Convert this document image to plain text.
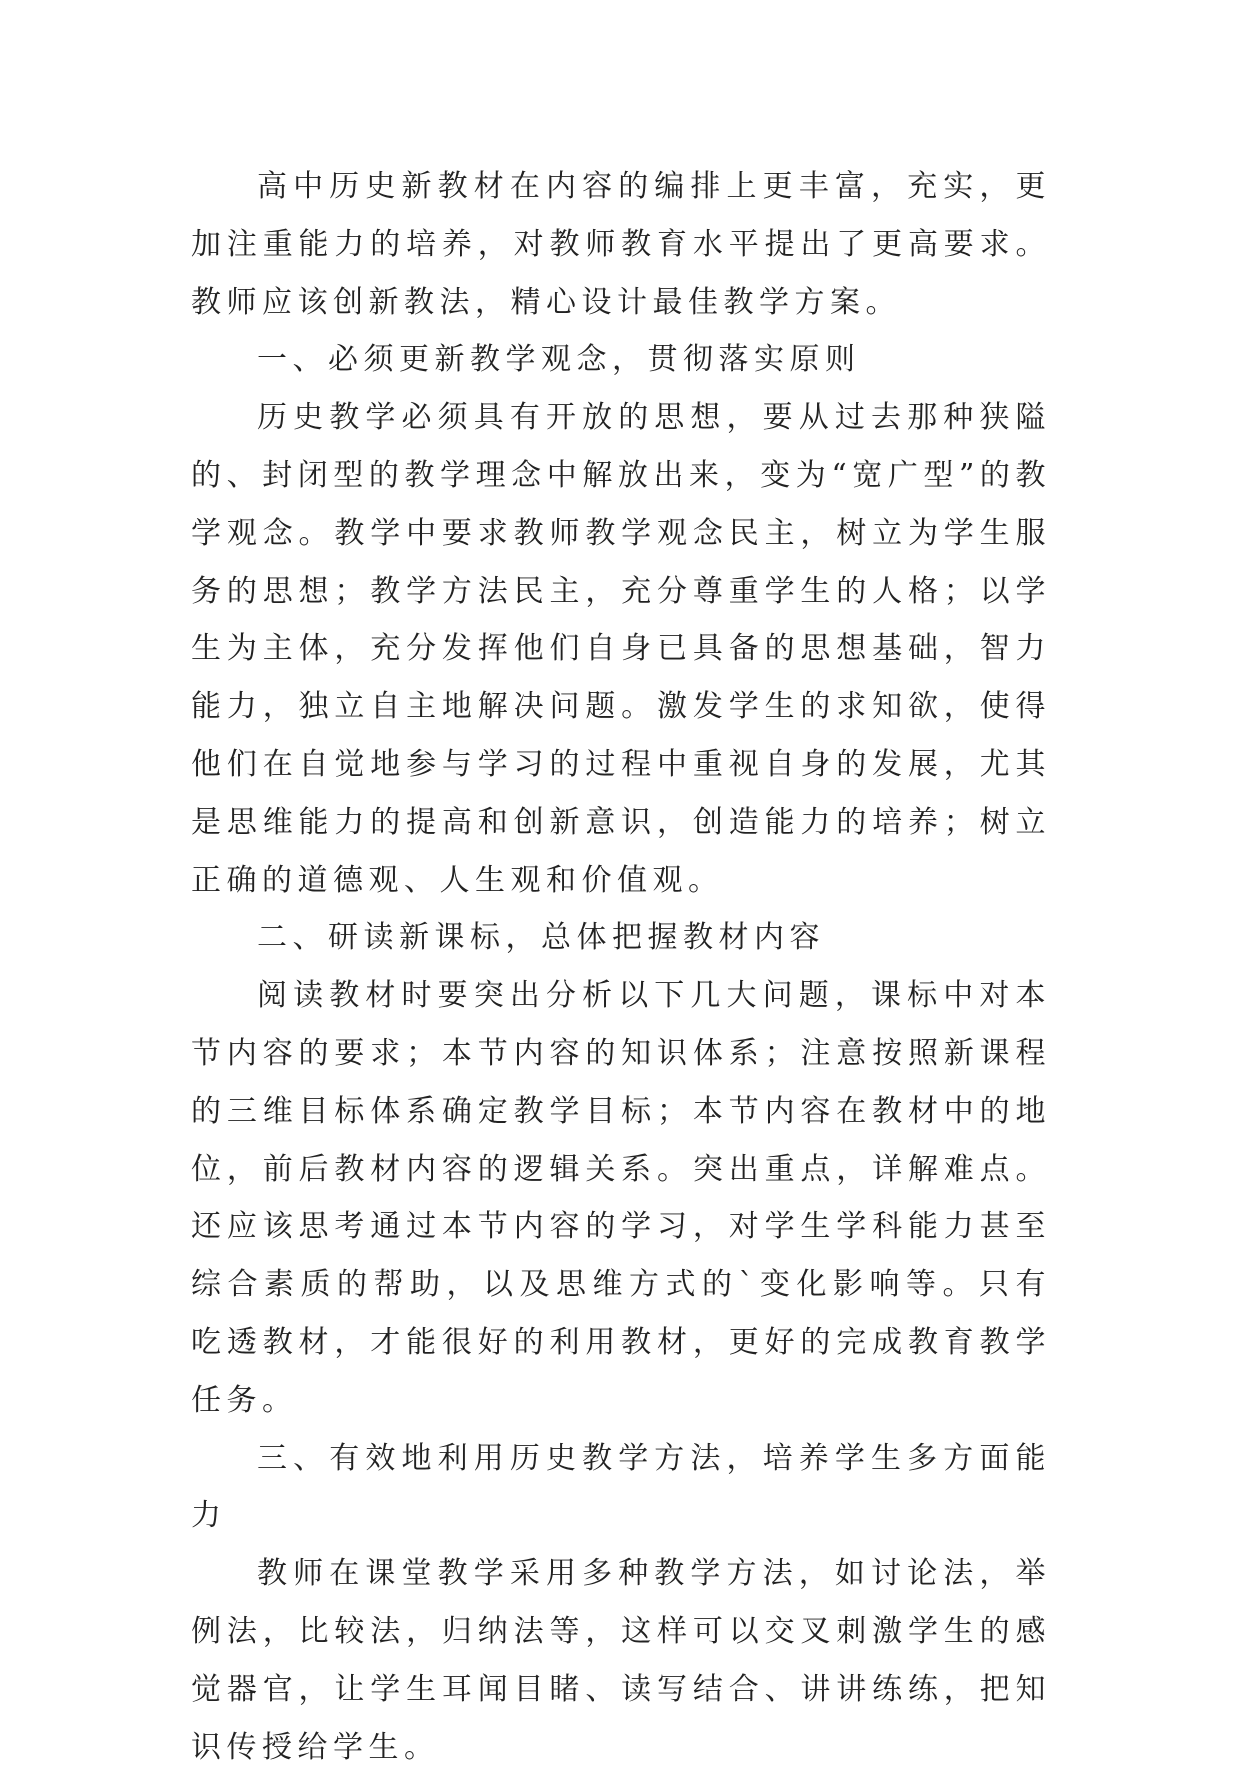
高中历史新教材在内容的编排上更丰富，充实，更加注重能力的培养，对教师教育水平提出了更高要求。教师应该创新教法，精心设计最佳教学方案。

一、必须更新教学观念，贯彻落实原则

历史教学必须具有开放的思想，要从过去那种狭隘的、封闭型的教学理念中解放出来，变为“宽广型”的教学观念。教学中要求教师教学观念民主，树立为学生服务的思想；教学方法民主，充分尊重学生的人格；以学生为主体，充分发挥他们自身已具备的思想基础，智力能力，独立自主地解决问题。激发学生的求知欲，使得他们在自觉地参与学习的过程中重视自身的发展，尤其是思维能力的提高和创新意识，创造能力的培养；树立正确的道德观、人生观和价值观。

二、研读新课标，总体把握教材内容

阅读教材时要突出分析以下几大问题，课标中对本节内容的要求；本节内容的知识体系；注意按照新课程的三维目标体系确定教学目标；本节内容在教材中的地位，前后教材内容的逻辑关系。突出重点，详解难点。还应该思考通过本节内容的学习，对学生学科能力甚至综合素质的帮助，以及思维方式的`变化影响等。只有吃透教材，才能很好的利用教材，更好的完成教育教学任务。

三、有效地利用历史教学方法，培养学生多方面能力

教师在课堂教学采用多种教学方法，如讨论法，举例法，比较法，归纳法等，这样可以交叉刺激学生的感觉器官，让学生耳闻目睹、读写结合、讲讲练练，把知识传授给学生。
